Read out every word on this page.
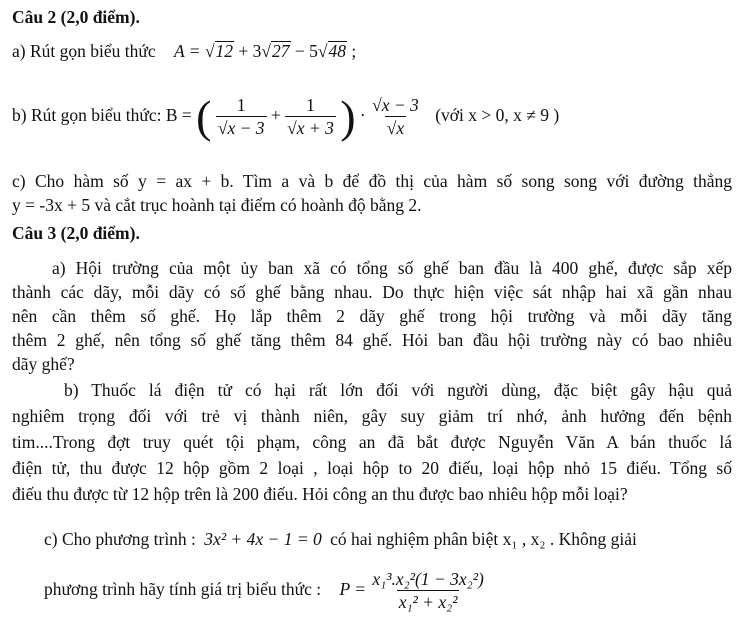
Câu 2 (2,0 điểm).
a) Rút gọn biểu thức A = √12 + 3√27 − 5√48 ;
b) Rút gọn biểu thức: B = ( $\frac{1}{√x - 3} + \frac{1}{√x + 3}$ ) · $\frac{√x - 3}{√x}$ (với x > 0, x ≠ 9 )
c) Cho hàm số y = ax + b. Tìm a và b để đồ thị của hàm số song song với đường thẳng
y = -3x + 5 và cắt trục hoành tại điểm có hoành độ bằng 2.
Câu 3 (2,0 điểm).
a) Hội trường của một ủy ban xã có tổng số ghế ban đầu là 400 ghế, được sắp xếp
thành các dãy, mỗi dãy có số ghế bằng nhau. Do thực hiện việc sát nhập hai xã gần nhau
nên cần thêm số ghế. Họ lắp thêm 2 dãy ghế trong hội trường và mỗi dãy tăng
thêm 2 ghế, nên tổng số ghế tăng thêm 84 ghế. Hỏi ban đầu hội trường này có bao nhiêu
dãy ghế?
b) Thuốc lá điện tử có hại rất lớn đối với người dùng, đặc biệt gây hậu quả
nghiêm trọng đối với trẻ vị thành niên, gây suy giảm trí nhớ, ảnh hưởng đến bệnh
tim....Trong đợt truy quét tội phạm, công an đã bắt được Nguyễn Văn A bán thuốc lá
điện tử, thu được 12 hộp gồm 2 loại , loại hộp to 20 điếu, loại hộp nhỏ 15 điếu. Tổng số
điếu thu được từ 12 hộp trên là 200 điếu. Hỏi công an thu được bao nhiêu hộp mỗi loại?
c) Cho phương trình : 3x² + 4x − 1 = 0 có hai nghiệm phân biệt x₁ , x₂ . Không giải
phương trình hãy tính giá trị biểu thức : $P = \frac{\text{x₁³.x₂²(1 − 3x₂²)}}{\text{x₁² + x₂²}}$
